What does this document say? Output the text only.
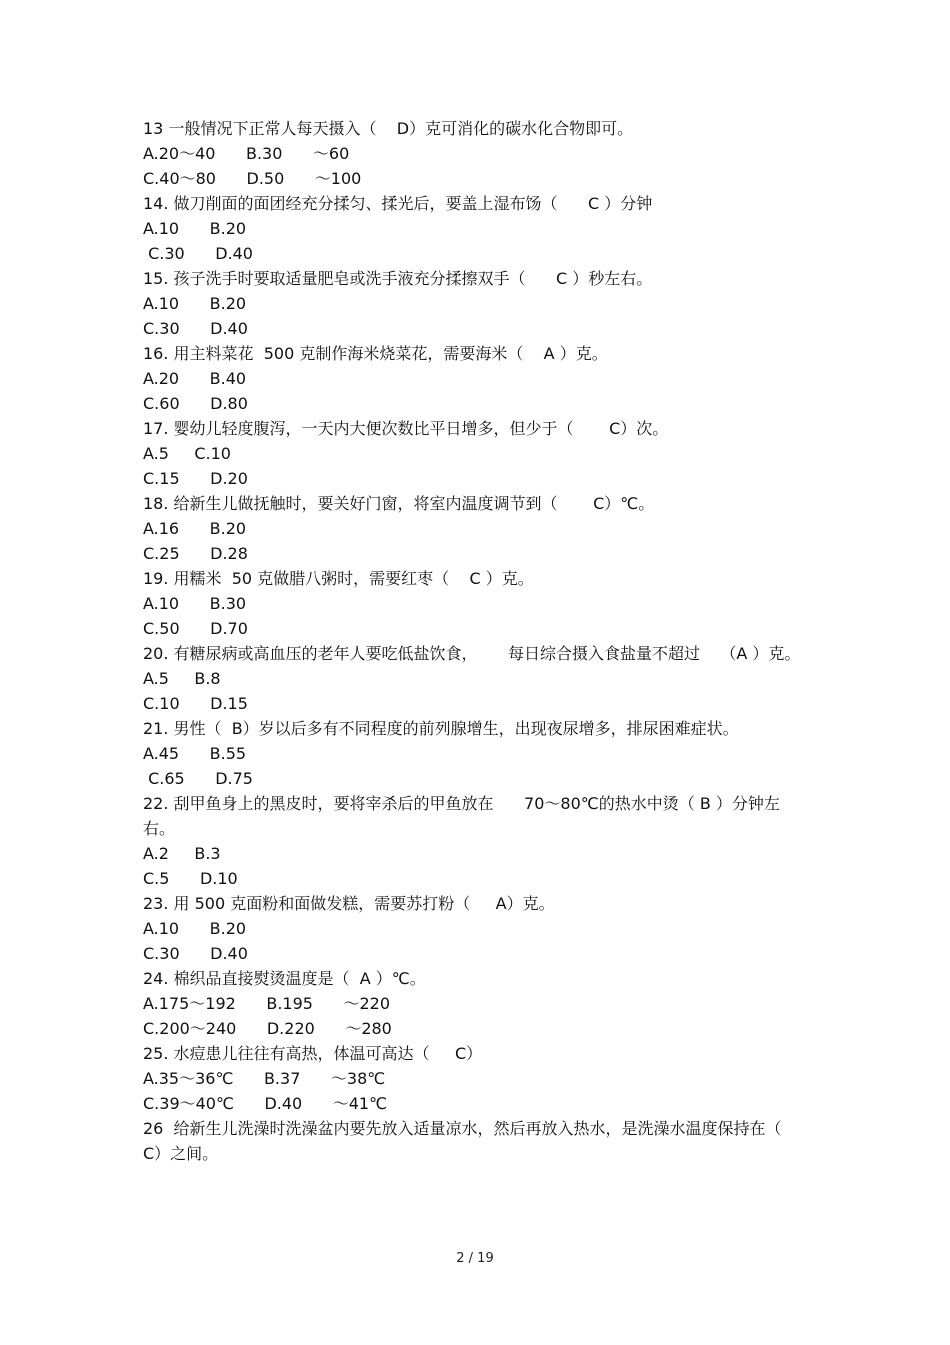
13 一般情况下正常人每天摄入（    D）克可消化的碳水化合物即可。
A.20～40      B.30      ～60
C.40～80      D.50      ～100
14. 做刀削面的面团经充分揉匀、揉光后，要盖上湿布饧（      C ）分钟
A.10      B.20
C.30      D.40
15. 孩子洗手时要取适量肥皂或洗手液充分揉擦双手（      C ）秒左右。
A.10      B.20
C.30      D.40
16. 用主料菜花  500 克制作海米烧菜花，需要海米（    A ）克。
A.20      B.40
C.60      D.80
17. 婴幼儿轻度腹泻，一天内大便次数比平日增多，但少于（       C）次。
A.5     C.10
C.15      D.20
18. 给新生儿做抚触时，要关好门窗，将室内温度调节到（       C）℃。
A.16      B.20
C.25      D.28
19. 用糯米  50 克做腊八粥时，需要红枣（    C ）克。
A.10      B.30
C.50      D.70
20. 有糖尿病或高血压的老年人要吃低盐饮食，      每日综合摄入食盐量不超过    （A ）克。
A.5     B.8
C.10      D.15
21. 男性（  B）岁以后多有不同程度的前列腺增生，出现夜尿增多，排尿困难症状。
A.45      B.55
C.65      D.75
22. 刮甲鱼身上的黑皮时，要将宰杀后的甲鱼放在      70～80℃的热水中烫（ B ）分钟左右。
A.2     B.3
C.5      D.10
23. 用 500 克面粉和面做发糕，需要苏打粉（     A）克。
A.10      B.20
C.30      D.40
24. 棉织品直接熨烫温度是（  A ）℃。
A.175～192      B.195      ～220
C.200～240      D.220      ～280
25. 水痘患儿往往有高热，体温可高达（     C）
A.35～36℃      B.37      ～38℃
C.39～40℃      D.40      ～41℃
26  给新生儿洗澡时洗澡盆内要先放入适量凉水，然后再放入热水，是洗澡水温度保持在（  C）之间。
2 / 19
